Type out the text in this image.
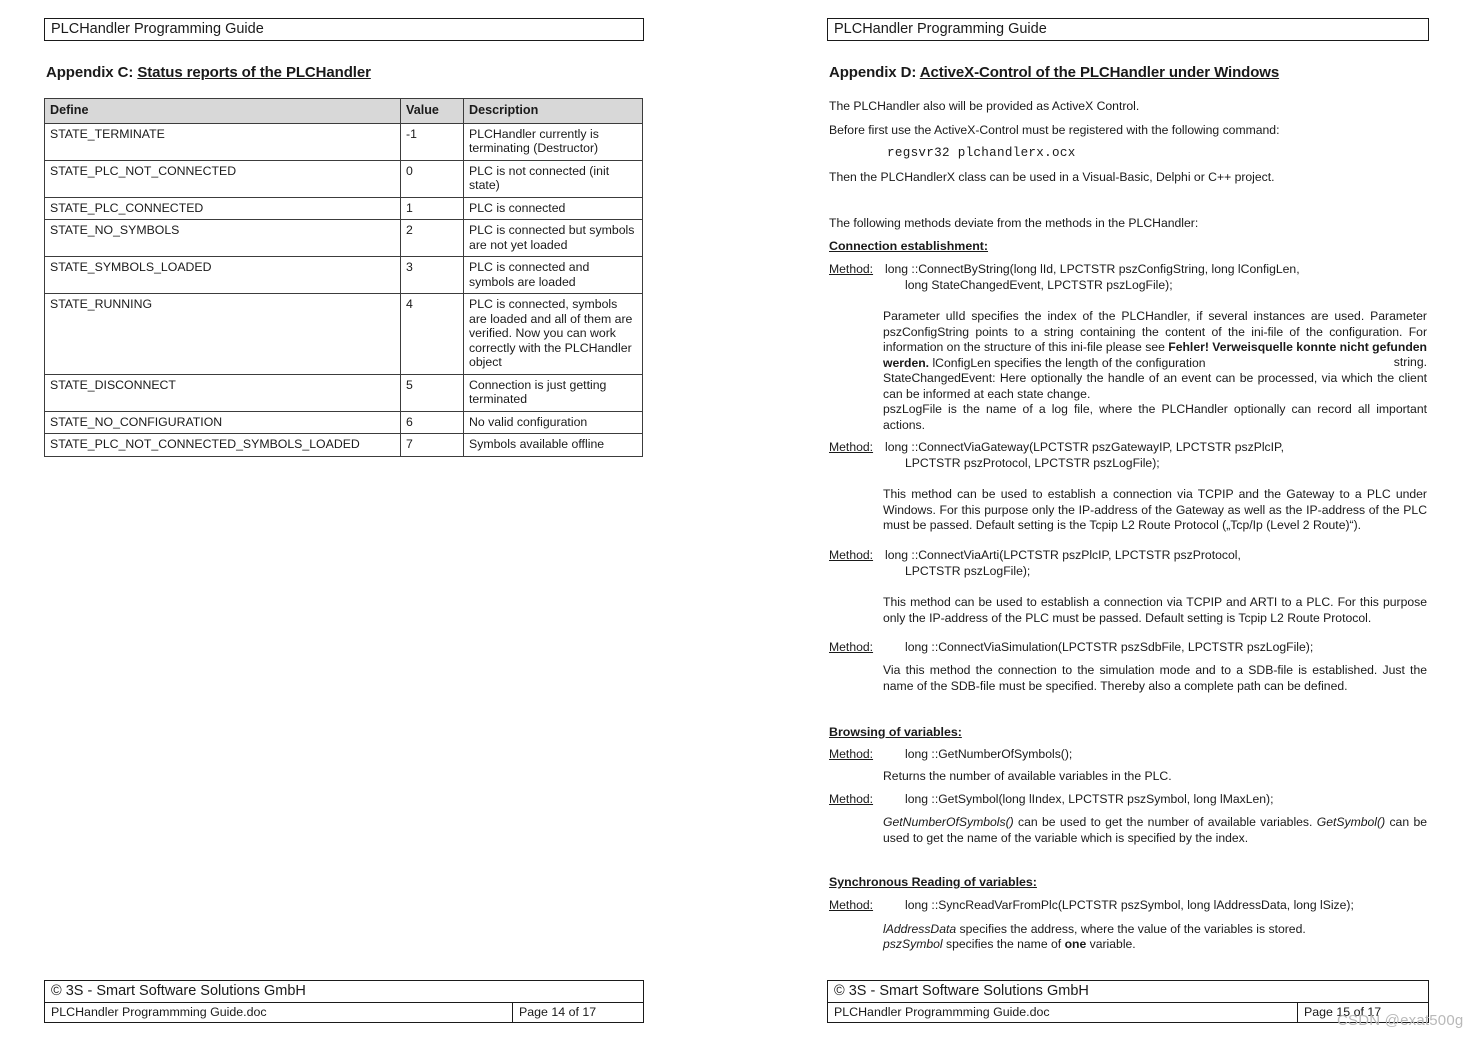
PLCHandler Programming Guide
Appendix C: Status reports of the PLCHandler
Define	Value	Description
STATE_TERMINATE	-1	PLCHandler currently is terminating (Destructor)
STATE_PLC_NOT_CONNECTED	0	PLC is not connected (init state)
STATE_PLC_CONNECTED	1	PLC is connected
STATE_NO_SYMBOLS	2	PLC is connected but symbols are not yet loaded
STATE_SYMBOLS_LOADED	3	PLC is connected and symbols are loaded
STATE_RUNNING	4	PLC is connected, symbols are loaded and all of them are verified. Now you can work correctly with the PLCHandler object
STATE_DISCONNECT	5	Connection is just getting terminated
STATE_NO_CONFIGURATION	6	No valid configuration
STATE_PLC_NOT_CONNECTED_SYMBOLS_LOADED	7	Symbols available offline
© 3S - Smart Software Solutions GmbH
PLCHandler Programmming Guide.doc	Page 14 of 17
PLCHandler Programming Guide
Appendix D: ActiveX-Control of the PLCHandler under Windows
The PLCHandler also will be provided as ActiveX Control.
Before first use the ActiveX-Control must be registered with the following command:
regsvr32 plchandlerx.ocx
Then the PLCHandlerX class can be used in a Visual-Basic, Delphi or C++ project.
The following methods deviate from the methods in the PLCHandler:
Connection establishment:
Method: long ::ConnectByString(long lId, LPCTSTR pszConfigString, long lConfigLen,
long StateChangedEvent, LPCTSTR pszLogFile);
Parameter ulId specifies the index of the PLCHandler, if several instances are used. Parameter pszConfigString points to a string containing the content of the ini-file of the configuration. For information on the structure of this ini-file please see Fehler! Verweisquelle konnte nicht gefunden werden. lConfigLen specifies the length of the configuration	string.
StateChangedEvent: Here optionally the handle of an event can be processed, via which the client can be informed at each state change.
pszLogFile is the name of a log file, where the PLCHandler optionally can record all important actions.
Method: long ::ConnectViaGateway(LPCTSTR pszGatewayIP, LPCTSTR pszPlcIP,
LPCTSTR pszProtocol, LPCTSTR pszLogFile);
This method can be used to establish a connection via TCPIP and the Gateway to a PLC under Windows. For this purpose only the IP-address of the Gateway as well as the IP-address of the PLC must be passed. Default setting is the Tcpip L2 Route Protocol („Tcp/Ip (Level 2 Route)“).
Method: long ::ConnectViaArti(LPCTSTR pszPlcIP, LPCTSTR pszProtocol,
LPCTSTR pszLogFile);
This method can be used to establish a connection via TCPIP and ARTI to a PLC. For this purpose only the IP-address of the PLC must be passed. Default setting is Tcpip L2 Route Protocol.
Method:	long ::ConnectViaSimulation(LPCTSTR pszSdbFile, LPCTSTR pszLogFile);
Via this method the connection to the simulation mode and to a SDB-file is established. Just the name of the SDB-file must be specified. Thereby also a complete path can be defined.
Browsing of variables:
Method:	long ::GetNumberOfSymbols();
Returns the number of available variables in the PLC.
Method:	long ::GetSymbol(long lIndex, LPCTSTR pszSymbol, long lMaxLen);
GetNumberOfSymbols() can be used to get the number of available variables. GetSymbol() can be used to get the name of the variable which is specified by the index.
Synchronous Reading of variables:
Method:	long ::SyncReadVarFromPlc(LPCTSTR pszSymbol, long lAddressData, long lSize);
lAddressData specifies the address, where the value of the variables is stored.
pszSymbol specifies the name of one variable.
© 3S - Smart Software Solutions GmbH
PLCHandler Programmming Guide.doc	Page 15 of 17
CSDN @exat500g
